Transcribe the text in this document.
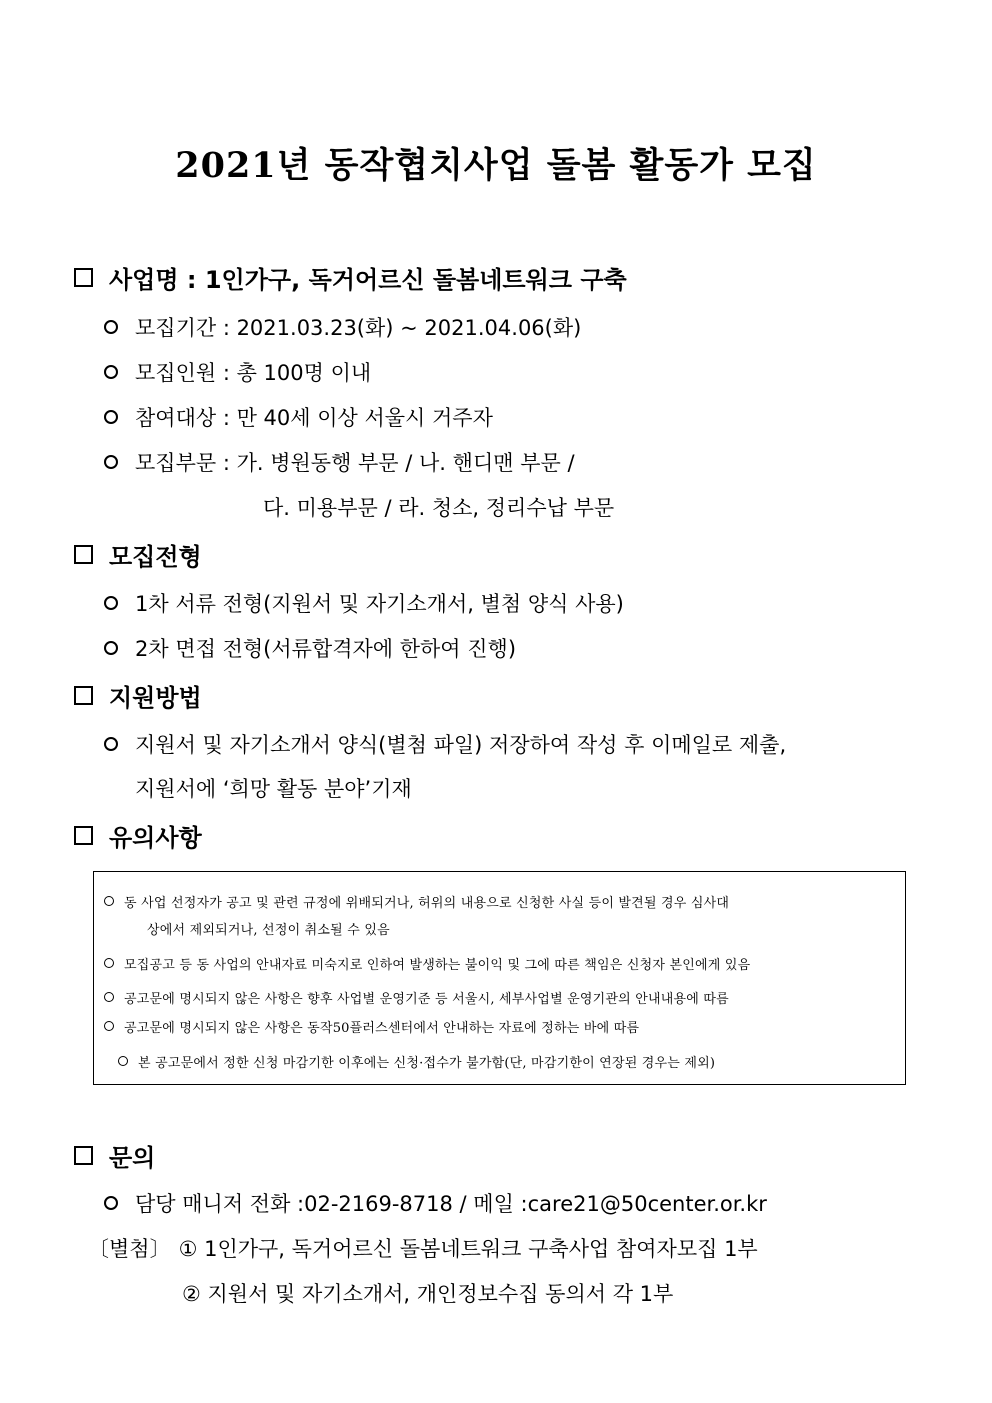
2021년 동작협치사업 돌봄 활동가 모집
사업명 : 1인가구, 독거어르신 돌봄네트워크 구축
모집기간 : 2021.03.23(화) ~ 2021.04.06(화)
모집인원 : 총 100명 이내
참여대상 : 만 40세 이상 서울시 거주자
모집부문 : 가. 병원동행 부문 / 나. 핸디맨 부문 /
다. 미용부문 / 라. 청소, 정리수납 부문
모집전형
1차 서류 전형(지원서 및 자기소개서, 별첨 양식 사용)
2차 면접 전형(서류합격자에 한하여 진행)
지원방법
지원서 및 자기소개서 양식(별첨 파일) 저장하여 작성 후 이메일로 제출,
지원서에 ‘희망 활동 분야’기재
유의사항
동 사업 선정자가 공고 및 관련 규정에 위배되거나, 허위의 내용으로 신청한 사실 등이 발견될 경우 심사대
상에서 제외되거나, 선정이 취소될 수 있음
모집공고 등 동 사업의 안내자료 미숙지로 인하여 발생하는 불이익 및 그에 따른 책임은 신청자 본인에게 있음
공고문에 명시되지 않은 사항은 향후 사업별 운영기준 등 서울시, 세부사업별 운영기관의 안내내용에 따름
공고문에 명시되지 않은 사항은 동작50플러스센터에서 안내하는 자료에 정하는 바에 따름
본 공고문에서 정한 신청 마감기한 이후에는 신청·접수가 불가함(단, 마감기한이 연장된 경우는 제외)
문의
담당 매니저 전화 :02-2169-8718 / 메일 :care21@50center.or.kr
〔별첨〕 ① 1인가구, 독거어르신 돌봄네트워크 구축사업 참여자모집 1부
② 지원서 및 자기소개서, 개인정보수집 동의서 각 1부
